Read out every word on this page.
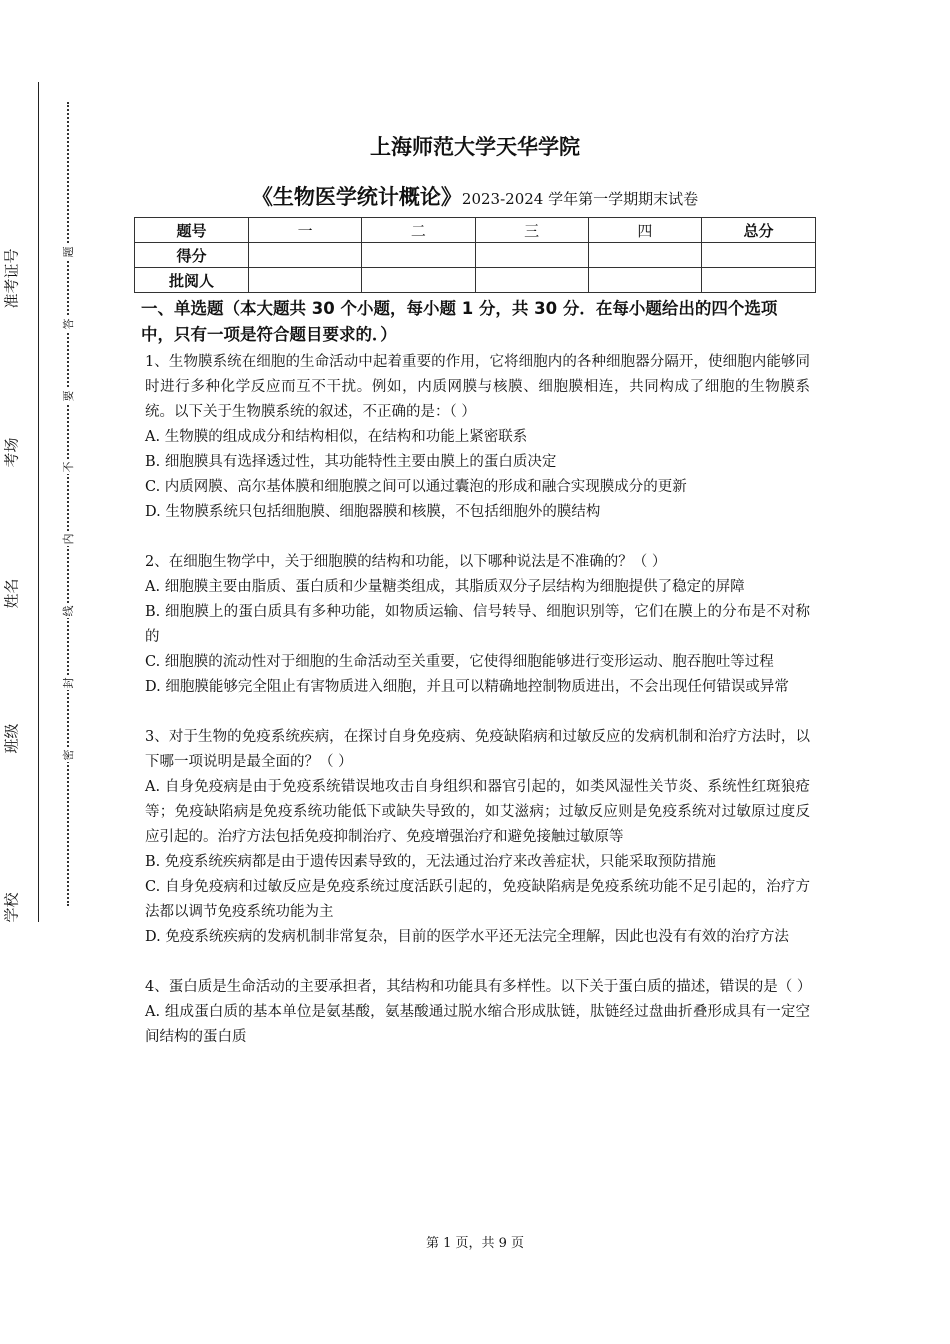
学校
班级
姓名
考场
准考证号	题
答
要
不
内
线
封
密
上海师范大学天华学院
《生物医学统计概论》2023-2024 学年第一学期期末试卷
题号	一	二	三	四	总分
得分					
批阅人					
一、单选题（本大题共 30 个小题，每小题 1 分，共 30 分．在每小题给出的四个选项中，只有一项是符合题目要求的．）

1、生物膜系统在细胞的生命活动中起着重要的作用，它将细胞内的各种细胞器分隔开，使细胞内能够同时进行多种化学反应而互不干扰。例如，内质网膜与核膜、细胞膜相连，共同构成了细胞的生物膜系统。以下关于生物膜系统的叙述，不正确的是：（ ）

A. 生物膜的组成成分和结构相似，在结构和功能上紧密联系

B. 细胞膜具有选择透过性，其功能特性主要由膜上的蛋白质决定

C. 内质网膜、高尔基体膜和细胞膜之间可以通过囊泡的形成和融合实现膜成分的更新

D. 生物膜系统只包括细胞膜、细胞器膜和核膜，不包括细胞外的膜结构

2、在细胞生物学中，关于细胞膜的结构和功能，以下哪种说法是不准确的？（ ）

A. 细胞膜主要由脂质、蛋白质和少量糖类组成，其脂质双分子层结构为细胞提供了稳定的屏障

B. 细胞膜上的蛋白质具有多种功能，如物质运输、信号转导、细胞识别等，它们在膜上的分布是不对称的

C. 细胞膜的流动性对于细胞的生命活动至关重要，它使得细胞能够进行变形运动、胞吞胞吐等过程

D. 细胞膜能够完全阻止有害物质进入细胞，并且可以精确地控制物质进出，不会出现任何错误或异常

3、对于生物的免疫系统疾病，在探讨自身免疫病、免疫缺陷病和过敏反应的发病机制和治疗方法时，以下哪一项说明是最全面的？（ ）

A. 自身免疫病是由于免疫系统错误地攻击自身组织和器官引起的，如类风湿性关节炎、系统性红斑狼疮等；免疫缺陷病是免疫系统功能低下或缺失导致的，如艾滋病；过敏反应则是免疫系统对过敏原过度反应引起的。治疗方法包括免疫抑制治疗、免疫增强治疗和避免接触过敏原等

B. 免疫系统疾病都是由于遗传因素导致的，无法通过治疗来改善症状，只能采取预防措施

C. 自身免疫病和过敏反应是免疫系统过度活跃引起的，免疫缺陷病是免疫系统功能不足引起的，治疗方法都以调节免疫系统功能为主

D. 免疫系统疾病的发病机制非常复杂，目前的医学水平还无法完全理解，因此也没有有效的治疗方法

4、蛋白质是生命活动的主要承担者，其结构和功能具有多样性。以下关于蛋白质的描述，错误的是（ ）

A. 组成蛋白质的基本单位是氨基酸，氨基酸通过脱水缩合形成肽链，肽链经过盘曲折叠形成具有一定空间结构的蛋白质

第 1 页，共 9 页
